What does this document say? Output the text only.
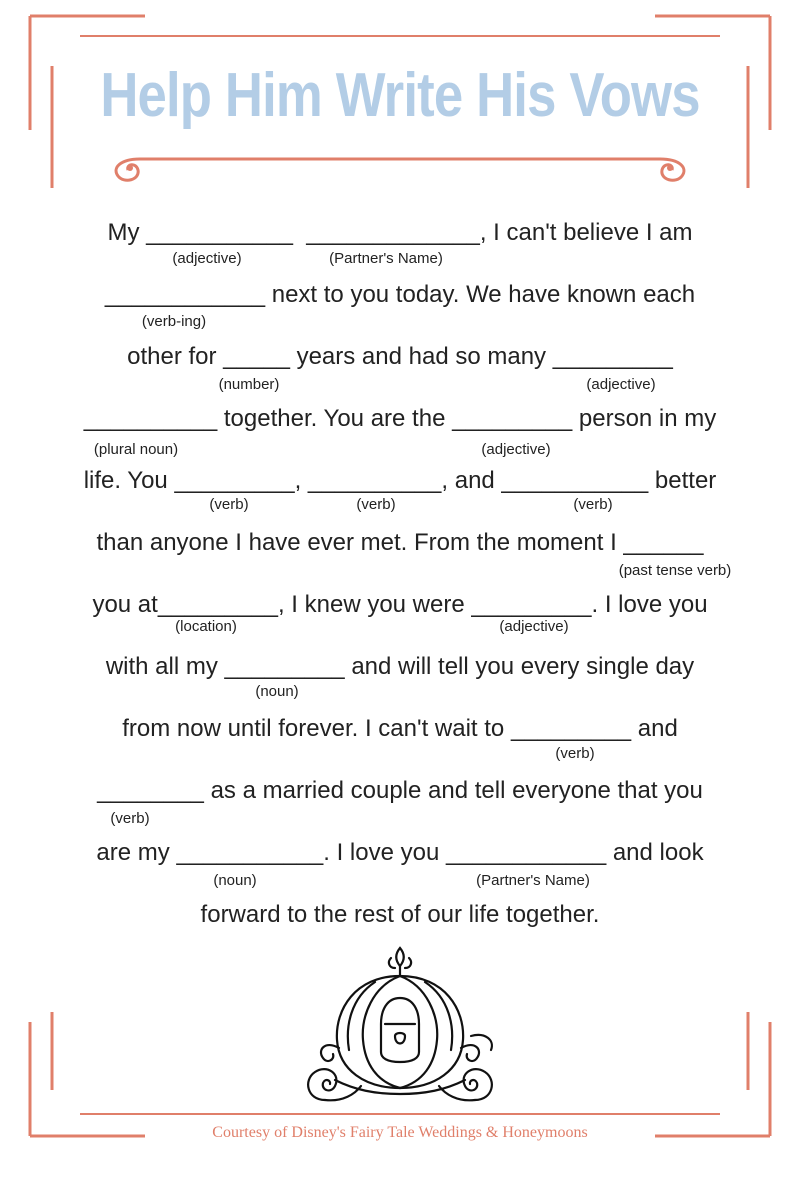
Help Him Write His Vows
My ___________  _____________, I can't believe I am
____________ next to you today. We have known each
other for _____ years and had so many _________
__________ together. You are the _________ person in my
life. You _________, __________, and ___________ better
than anyone I have ever met. From the moment I ______
you at_________, I knew you were _________. I love you
with all my _________ and will tell you every single day
from now until forever. I can't wait to _________ and
________ as a married couple and tell everyone that you
are my ___________. I love you ____________ and look
forward to the rest of our life together.
(adjective)	(Partner's Name)
(verb-ing)
(number)	(adjective)
(plural noun)	(adjective)
(verb)	(verb)	(verb)
(past tense verb)
(location)	(adjective)
(noun)
(verb)
(verb)
(noun)	(Partner's Name)
Courtesy of Disney's Fairy Tale Weddings & Honeymoons
